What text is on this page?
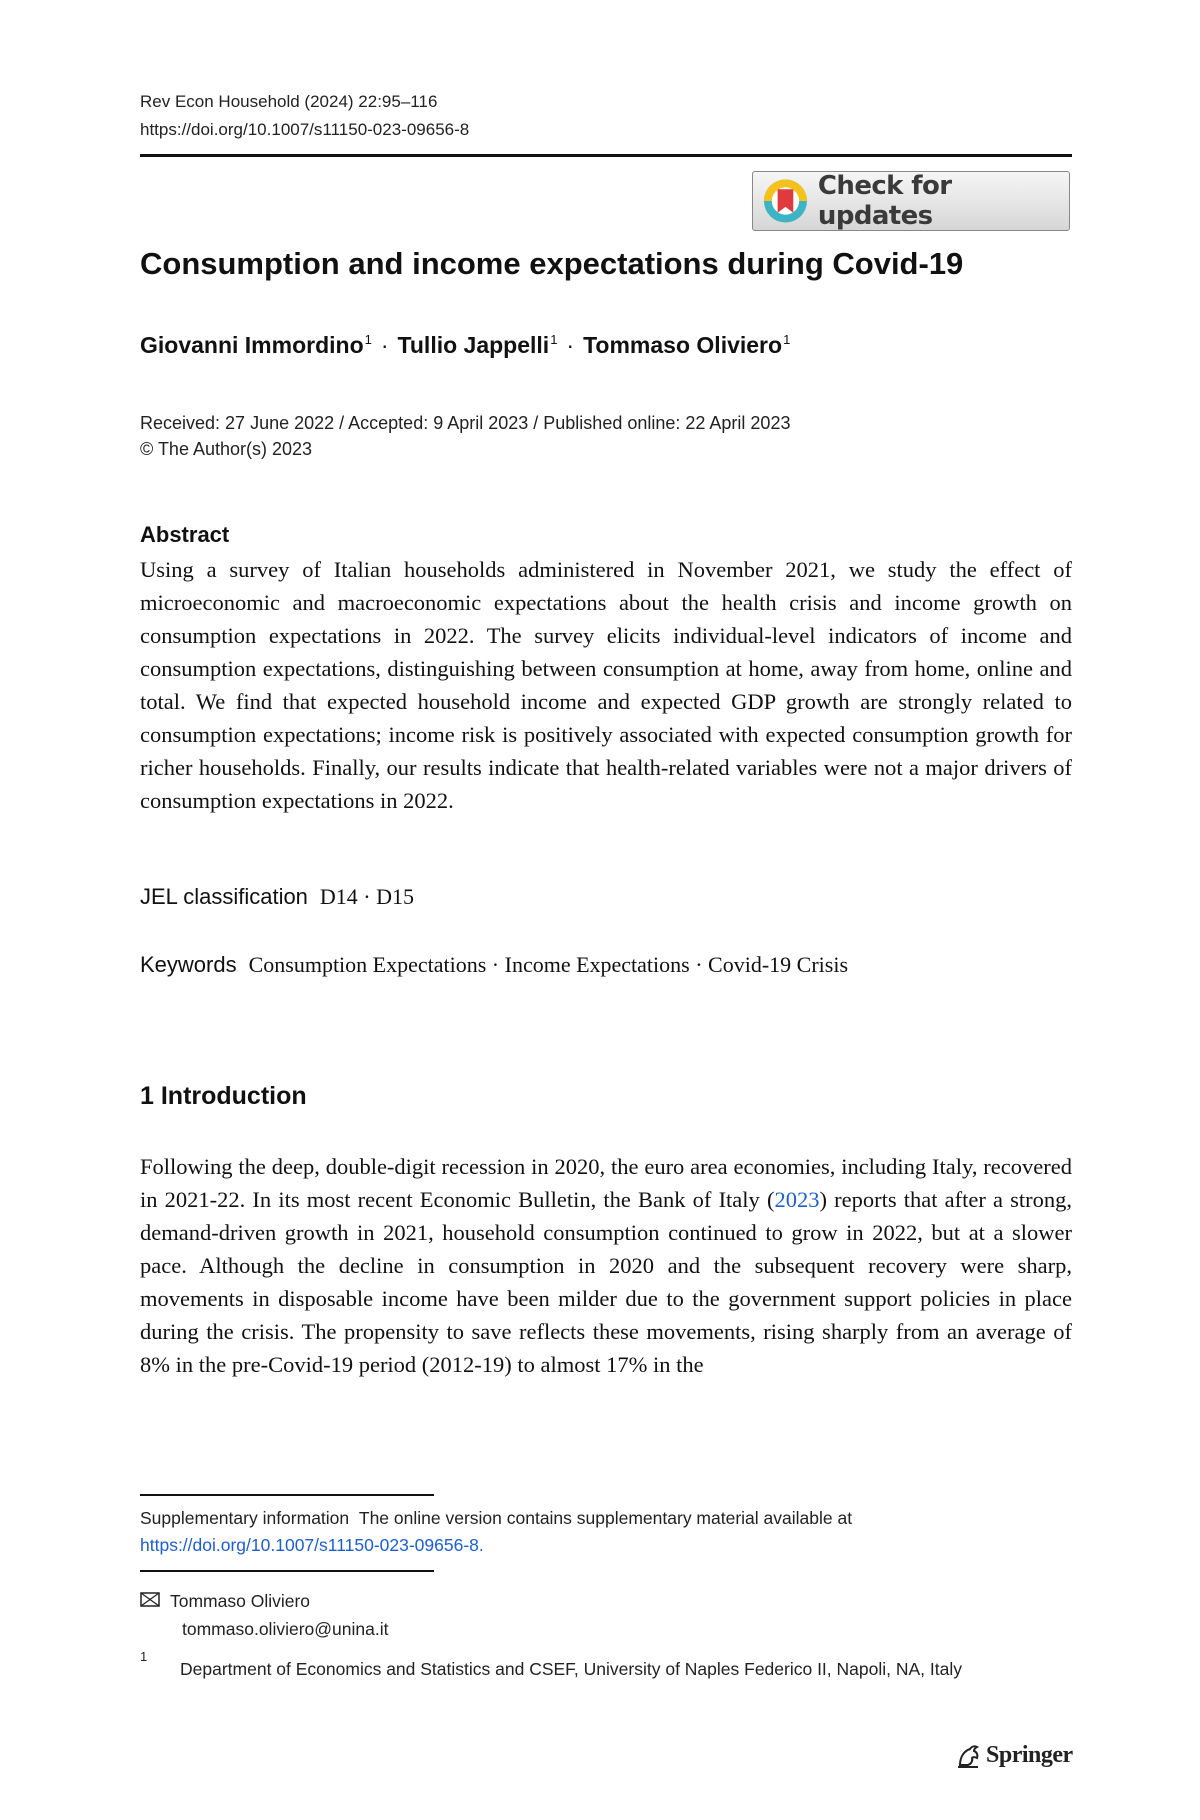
Rev Econ Household (2024) 22:95–116
https://doi.org/10.1007/s11150-023-09656-8
Check for updates
Consumption and income expectations during Covid-19
Giovanni Immordino$^1$ · Tullio Jappelli$^1$ · Tommaso Oliviero$^1$
Received: 27 June 2022 / Accepted: 9 April 2023 / Published online: 22 April 2023
© The Author(s) 2023
Abstract
Using a survey of Italian households administered in November 2021, we study the effect of microeconomic and macroeconomic expectations about the health crisis and income growth on consumption expectations in 2022. The survey elicits individual-level indicators of income and consumption expectations, distinguishing between consumption at home, away from home, online and total. We find that expected household income and expected GDP growth are strongly related to consumption expectations; income risk is positively associated with expected consumption growth for richer households. Finally, our results indicate that health-related variables were not a major drivers of consumption expectations in 2022.
JEL classification D14 · D15
Keywords Consumption Expectations · Income Expectations · Covid-19 Crisis
1 Introduction
Following the deep, double-digit recession in 2020, the euro area economies, including Italy, recovered in 2021-22. In its most recent Economic Bulletin, the Bank of Italy (2023) reports that after a strong, demand-driven growth in 2021, household consumption continued to grow in 2022, but at a slower pace. Although the decline in consumption in 2020 and the subsequent recovery were sharp, movements in disposable income have been milder due to the government support policies in place during the crisis. The propensity to save reflects these movements, rising sharply from an average of 8% in the pre-Covid-19 period (2012-19) to almost 17% in the
Supplementary information The online version contains supplementary material available at https://doi.org/10.1007/s11150-023-09656-8.
Tommaso Oliviero
tommaso.oliviero@unina.it
1
Department of Economics and Statistics and CSEF, University of Naples Federico II, Napoli, NA, Italy
Springer
